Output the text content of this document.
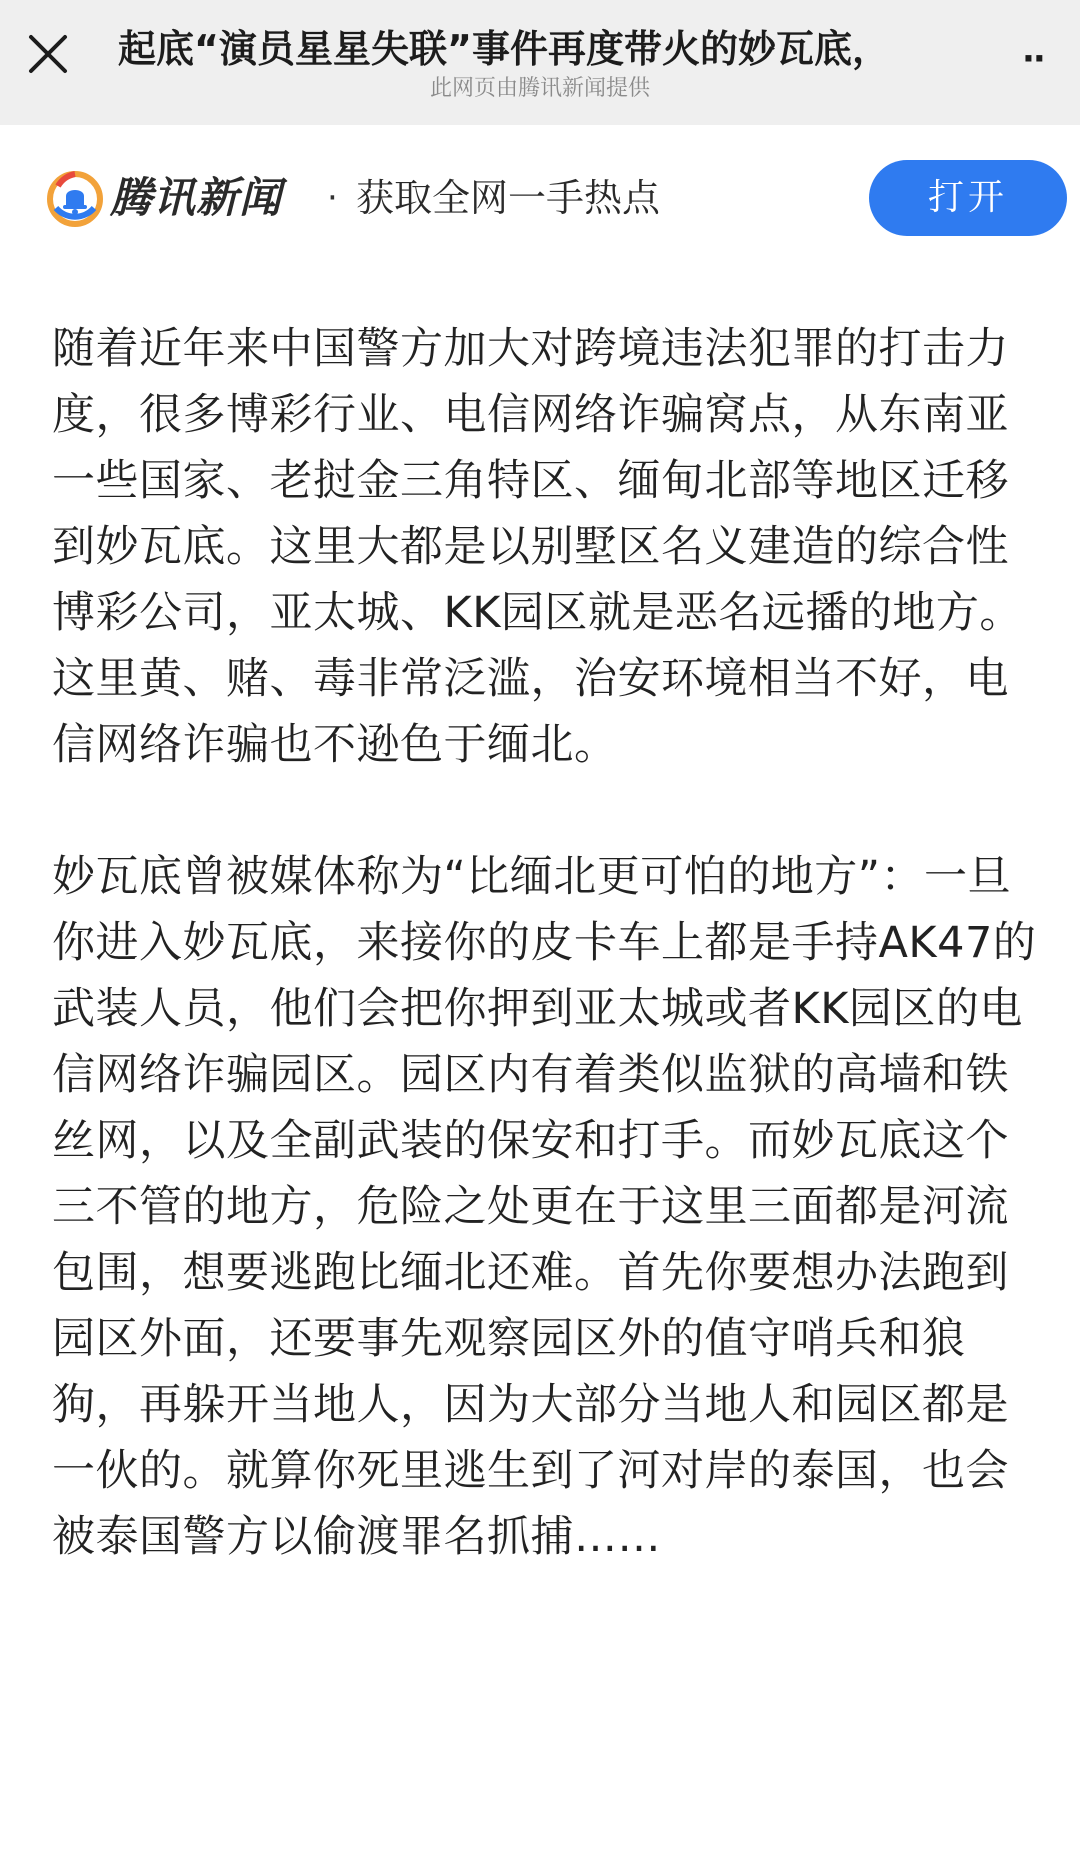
起底“演员星星失联”事件再度带火的妙瓦底，
此网页由腾讯新闻提供
··
腾讯新闻 · 获取全网一手热点	打开

随着近年来中国警方加大对跨境违法犯罪的打击力度，很多博彩行业、电信网络诈骗窝点，从东南亚一些国家、老挝金三角特区、缅甸北部等地区迁移到妙瓦底。这里大都是以别墅区名义建造的综合性博彩公司，亚太城、KK园区就是恶名远播的地方。这里黄、赌、毒非常泛滥，治安环境相当不好，电信网络诈骗也不逊色于缅北。

妙瓦底曾被媒体称为“比缅北更可怕的地方”：一旦你进入妙瓦底，来接你的皮卡车上都是手持AK47的武装人员，他们会把你押到亚太城或者KK园区的电信网络诈骗园区。园区内有着类似监狱的高墙和铁丝网，以及全副武装的保安和打手。而妙瓦底这个三不管的地方，危险之处更在于这里三面都是河流包围，想要逃跑比缅北还难。首先你要想办法跑到园区外面，还要事先观察园区外的值守哨兵和狼狗，再躲开当地人，因为大部分当地人和园区都是一伙的。就算你死里逃生到了河对岸的泰国，也会被泰国警方以偷渡罪名抓捕……
